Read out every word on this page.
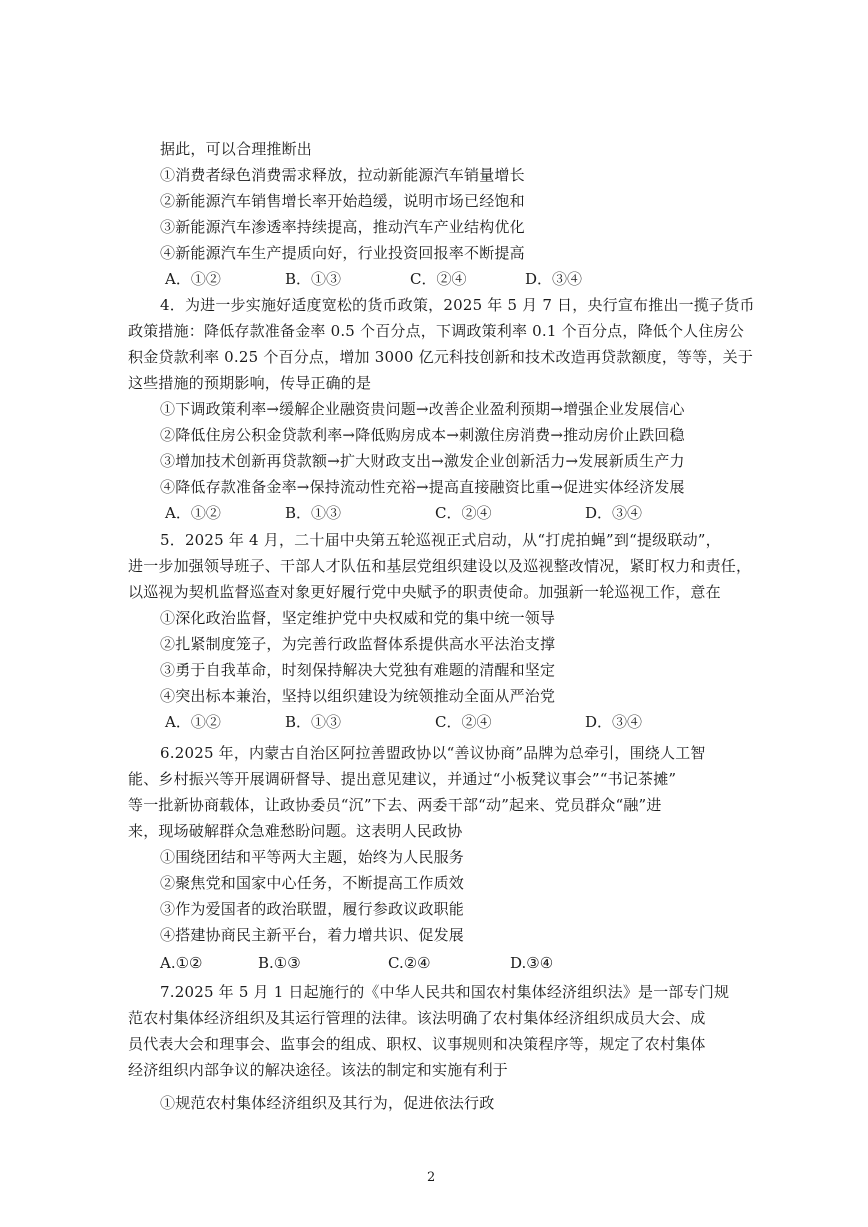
据此，可以合理推断出
①消费者绿色消费需求释放，拉动新能源汽车销量增长
②新能源汽车销售增长率开始趋缓，说明市场已经饱和
③新能源汽车渗透率持续提高，推动汽车产业结构优化
④新能源汽车生产提质向好，行业投资回报率不断提高
A．①②	B．①③	C．②④	D．③④
4．为进一步实施好适度宽松的货币政策，2025 年 5 月 7 日，央行宣布推出一揽子货币
政策措施：降低存款准备金率 0.5 个百分点，下调政策利率 0.1 个百分点，降低个人住房公
积金贷款利率 0.25 个百分点，增加 3000 亿元科技创新和技术改造再贷款额度，等等，关于
这些措施的预期影响，传导正确的是
①下调政策利率→缓解企业融资贵问题→改善企业盈利预期→增强企业发展信心
②降低住房公积金贷款利率→降低购房成本→刺激住房消费→推动房价止跌回稳
③增加技术创新再贷款额→扩大财政支出→激发企业创新活力→发展新质生产力
④降低存款准备金率→保持流动性充裕→提高直接融资比重→促进实体经济发展
A．①②	B．①③	C．②④	D．③④
5．2025 年 4 月，二十届中央第五轮巡视正式启动，从“打虎拍蝇”到“提级联动”，
进一步加强领导班子、干部人才队伍和基层党组织建设以及巡视整改情况，紧盯权力和责任，
以巡视为契机监督巡查对象更好履行党中央赋予的职责使命。加强新一轮巡视工作，意在
①深化政治监督，坚定维护党中央权威和党的集中统一领导
②扎紧制度笼子，为完善行政监督体系提供高水平法治支撑
③勇于自我革命，时刻保持解决大党独有难题的清醒和坚定
④突出标本兼治，坚持以组织建设为统领推动全面从严治党
A．①②	B．①③	C．②④	D．③④
6.2025 年，内蒙古自治区阿拉善盟政协以“善议协商”品牌为总牵引，围绕人工智
能、乡村振兴等开展调研督导、提出意见建议，并通过“小板凳议事会”“书记茶摊”
等一批新协商载体，让政协委员“沉”下去、两委干部“动”起来、党员群众“融”进
来，现场破解群众急难愁盼问题。这表明人民政协
①围绕团结和平等两大主题，始终为人民服务
②聚焦党和国家中心任务，不断提高工作质效
③作为爱国者的政治联盟，履行参政议政职能
④搭建协商民主新平台，着力增共识、促发展
A.①②	B.①③	C.②④	D.③④
7.2025 年 5 月 1 日起施行的《中华人民共和国农村集体经济组织法》是一部专门规
范农村集体经济组织及其运行管理的法律。该法明确了农村集体经济组织成员大会、成
员代表大会和理事会、监事会的组成、职权、议事规则和决策程序等，规定了农村集体
经济组织内部争议的解决途径。该法的制定和实施有利于
①规范农村集体经济组织及其行为，促进依法行政
2
